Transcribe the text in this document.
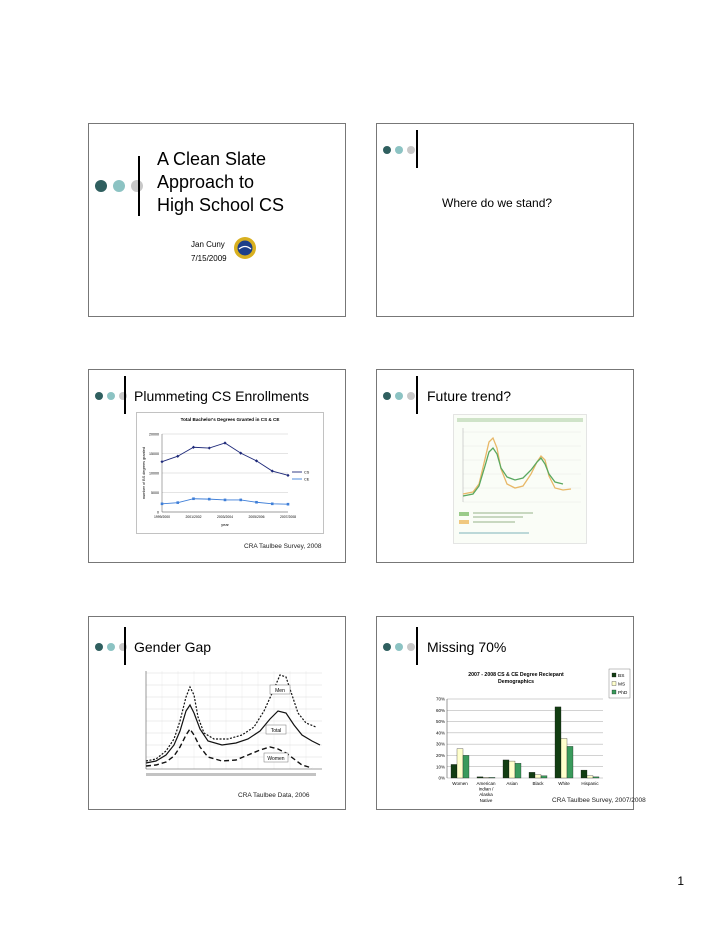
A Clean Slate
Approach to
High School CS
Jan Cuny
7/15/2009
Where do we stand?
Plummeting CS Enrollments
Total Bachelor's Degrees Granted in CS & CE
0
5000
10000
15000
20000
1999/2000	2001/2002	2003/2004	2005/2006	2007/2008
year
number of BS degrees granted	CS
CE
CRA Taulbee Survey, 2008
Future trend?
Gender Gap
Men
Total
Women
CRA Taulbee Data, 2006
Missing 70%
2007 - 2008 CS & CE Degree Reciepant
Demographics
0%
10%
20%
30%
40%
50%
60%
70%
Women American
Indian /
Alaska
Native
Asian	Black	White	Hispanic
BS
MS
PhD
CRA Taulbee Survey, 2007/2008
1
